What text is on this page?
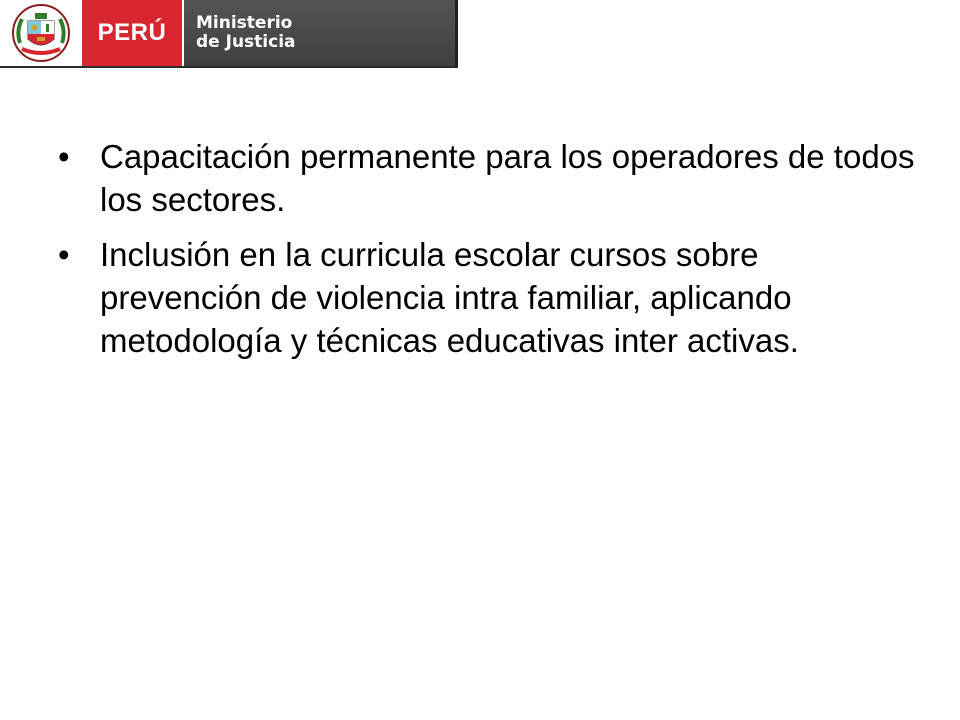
PERÚ Ministerio
de Justicia
• Capacitación permanente para los operadores de todos los sectores.
• Inclusión en la curricula escolar cursos sobre prevención de violencia intra familiar, aplicando metodología y técnicas educativas inter activas.
